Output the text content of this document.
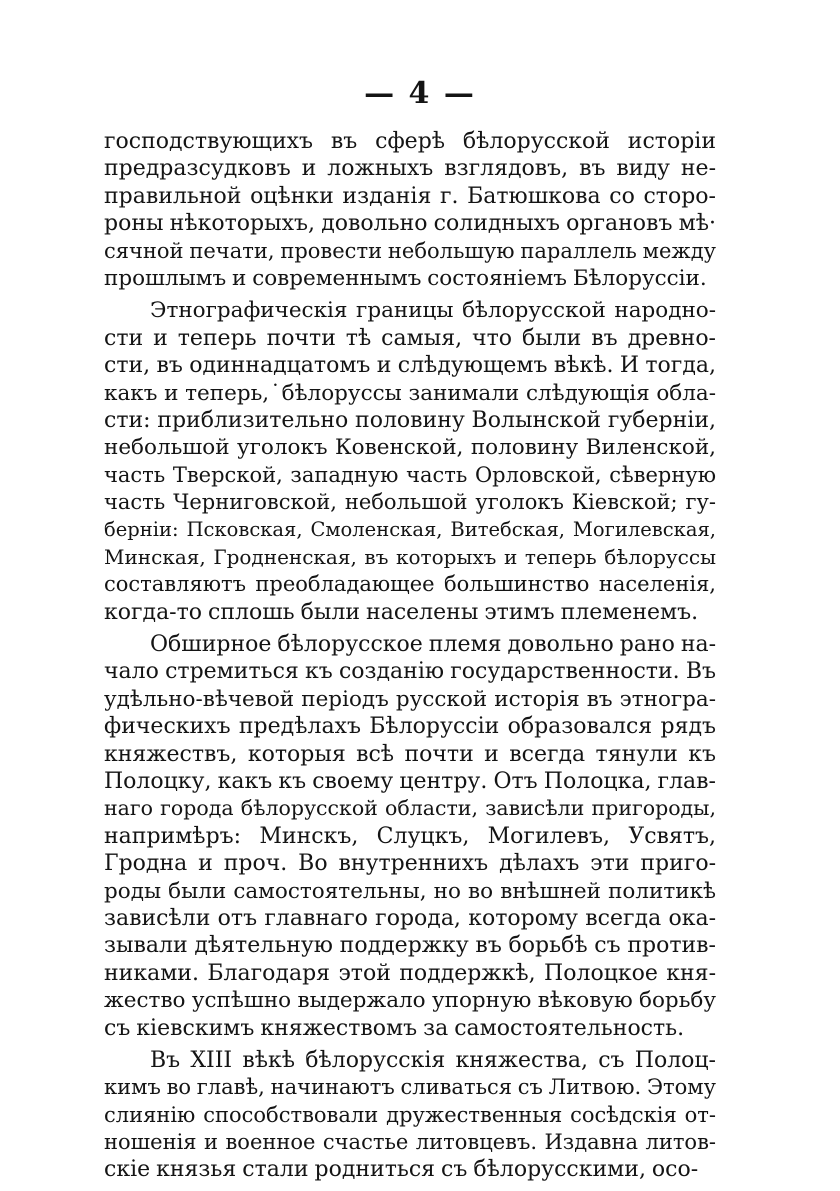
— 4 —
господствующихъ въ сферѣ бѣлорусской исторіи
предразсудковъ и ложныхъ взглядовъ, въ виду не-
правильной оцѣнки изданія г. Батюшкова со сторо-
роны нѣкоторыхъ, довольно солидныхъ органовъ мѣ·
сячной печати, провести небольшую параллель между
прошлымъ и современнымъ состояніемъ Бѣлоруссіи.
Этнографическія границы бѣлорусской народно-
сти и теперь почти тѣ самыя, что были въ древно-
сти, въ одиннадцатомъ и слѣдующемъ вѣкѣ. И тогда,
какъ и теперь,˙бѣлоруссы занимали слѣдующія обла-
сти: приблизительно половину Волынской губерніи,
небольшой уголокъ Ковенской, половину Виленской,
часть Тверской, западную часть Орловской, сѣверную
часть Черниговской, небольшой уголокъ Кіевской; гу-
берніи: Псковская, Смоленская, Витебская, Могилевская,
Минская, Гродненская, въ которыхъ и теперь бѣлоруссы
составляютъ преобладающее большинство населенія,
когда-то сплошь были населены этимъ племенемъ.
Обширное бѣлорусское племя довольно рано на-
чало стремиться къ созданію государственности. Въ
удѣльно-вѣчевой періодъ русской исторія въ этногра-
фическихъ предѣлахъ Бѣлоруссіи образовался рядъ
княжествъ, которыя всѣ почти и всегда тянули къ
Полоцку, какъ къ своему центру. Отъ Полоцка, глав-
наго города бѣлорусской области, зависѣли пригороды,
напримѣръ: Минскъ, Слуцкъ, Могилевъ, Усвятъ,
Гродна и проч. Во внутреннихъ дѣлахъ эти приго-
роды были самостоятельны, но во внѣшней политикѣ
зависѣли отъ главнаго города, которому всегда ока-
зывали дѣятельную поддержку въ борьбѣ съ против-
никами. Благодаря этой поддержкѣ, Полоцкое кня-
жество успѣшно выдержало упорную вѣковую борьбу
съ кіевскимъ княжествомъ за самостоятельность.
Въ XIII вѣкѣ бѣлорусскія княжества, съ Полоц-
кимъ во главѣ, начинаютъ сливаться съ Литвою. Этому
слиянію способствовали дружественныя сосѣдскія от-
ношенія и военное счастье литовцевъ. Издавна литов-
скіе князья стали родниться съ бѣлорусскими, осо-
